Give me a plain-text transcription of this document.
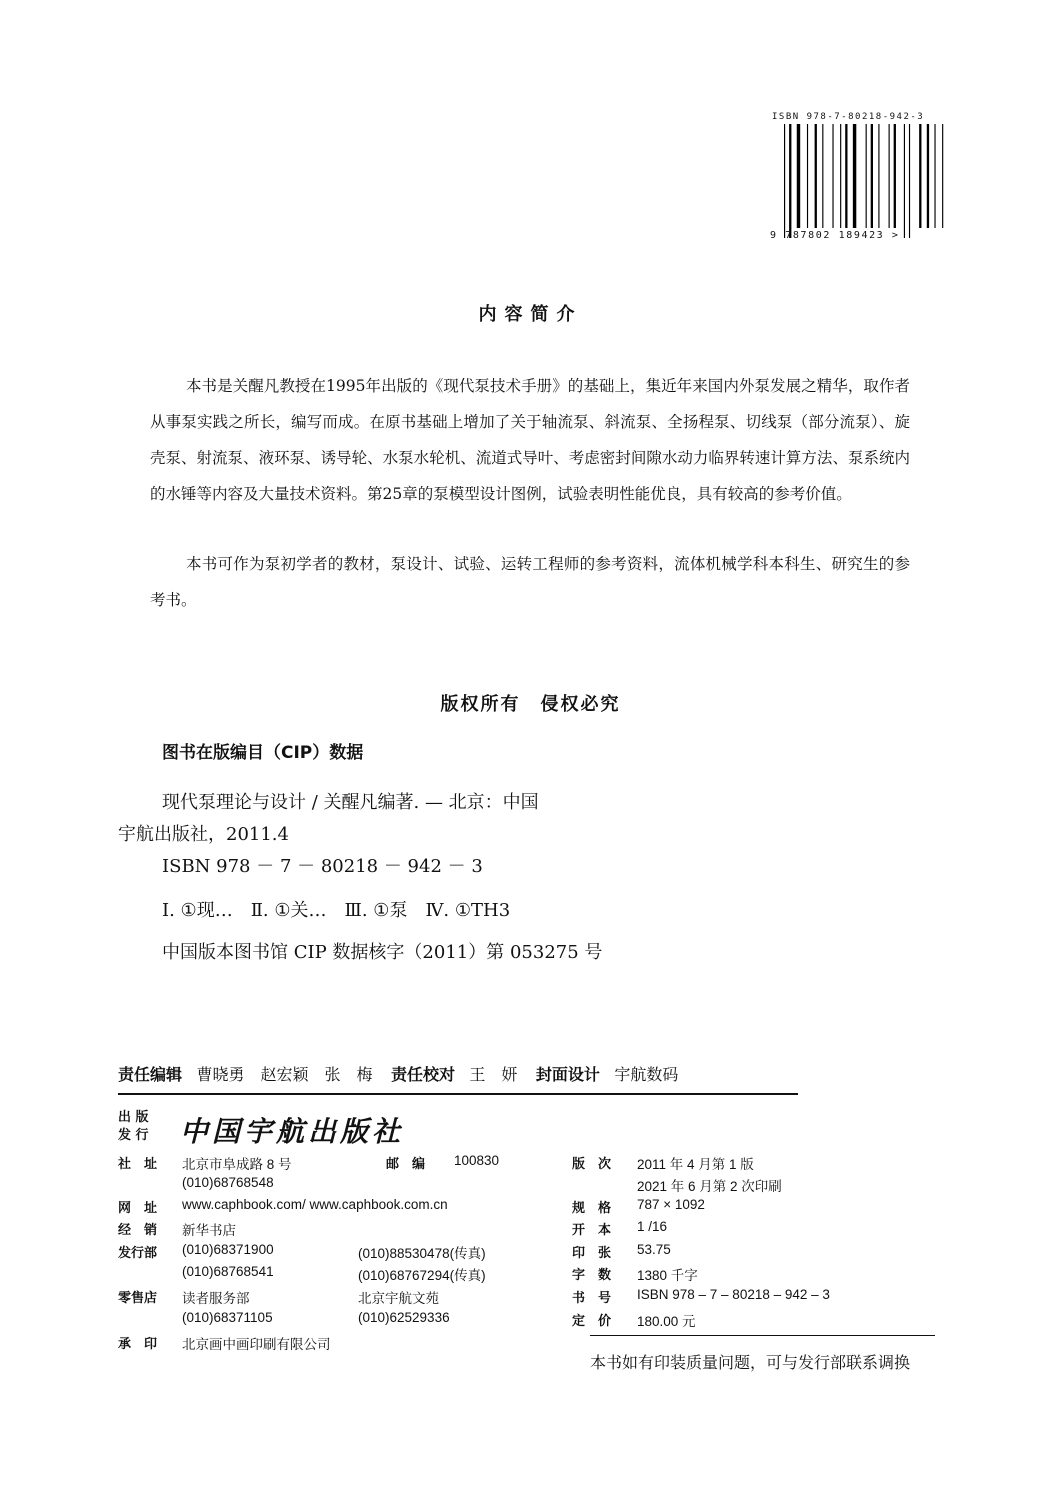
ISBN 978-7-80218-942-3
9 787802 189423 >
内容简介
本书是关醒凡教授在1995年出版的《现代泵技术手册》的基础上，集近年来国内外泵发展之精华，取作者从事泵实践之所长，编写而成。在原书基础上增加了关于轴流泵、斜流泵、全扬程泵、切线泵（部分流泵）、旋壳泵、射流泵、液环泵、诱导轮、水泵水轮机、流道式导叶、考虑密封间隙水动力临界转速计算方法、泵系统内的水锤等内容及大量技术资料。第25章的泵模型设计图例，试验表明性能优良，具有较高的参考价值。
本书可作为泵初学者的教材，泵设计、试验、运转工程师的参考资料，流体机械学科本科生、研究生的参考书。
版权所有　侵权必究
图书在版编目（CIP）数据
现代泵理论与设计 / 关醒凡编著. — 北京：中国
宇航出版社，2011.4
ISBN 978 － 7 － 80218 － 942 － 3
Ⅰ. ①现…　Ⅱ. ①关…　Ⅲ. ①泵　Ⅳ. ①TH3
中国版本图书馆 CIP 数据核字（2011）第 053275 号
责任编辑 曹晓勇　赵宏颖　张　梅 责任校对 王　妍 封面设计 宇航数码
出 版
发 行 中国宇航出版社
社　址 北京市阜成路 8 号	邮　编 100830
(010)68768548
网　址 www.caphbook.com/ www.caphbook.com.cn
经　销 新华书店
发行部 (010)68371900	(010)88530478(传真)
(010)68768541	(010)68767294(传真)
零售店 读者服务部	北京宇航文苑
(010)68371105	(010)62529336
承　印 北京画中画印刷有限公司
版　次 2011 年 4 月第 1 版
2021 年 6 月第 2 次印刷
规　格 787 × 1092
开　本 1 /16
印　张 53.75
字　数 1380 千字
书　号 ISBN 978 – 7 – 80218 – 942 – 3
定　价 180.00 元
本书如有印装质量问题，可与发行部联系调换
